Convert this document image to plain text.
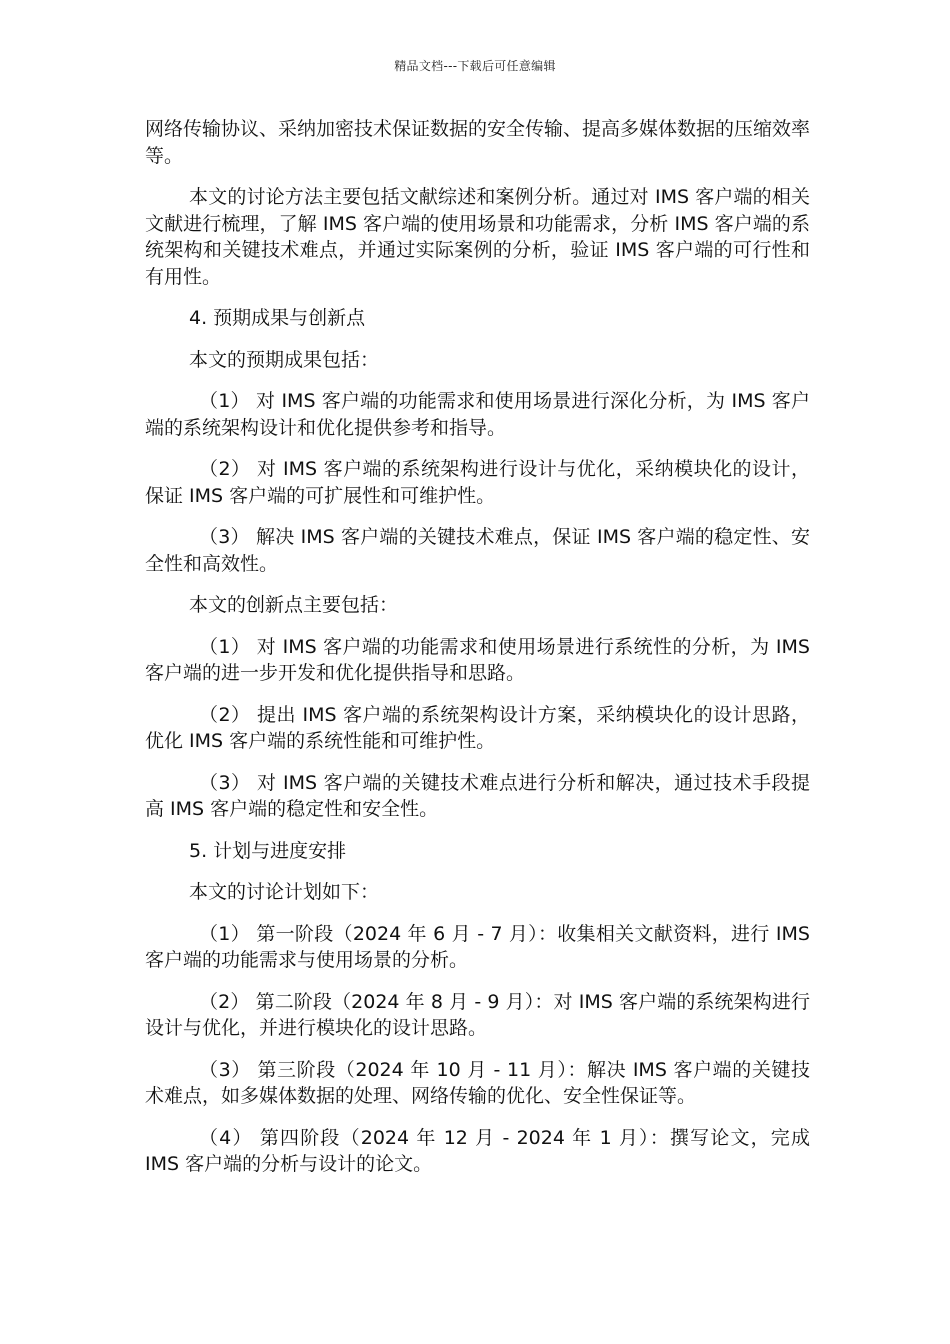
精品文档---下载后可任意编辑

网络传输协议、采纳加密技术保证数据的安全传输、提高多媒体数据的压缩效率等。

本文的讨论方法主要包括文献综述和案例分析。通过对 IMS 客户端的相关文献进行梳理，了解 IMS 客户端的使用场景和功能需求，分析 IMS 客户端的系统架构和关键技术难点，并通过实际案例的分析，验证 IMS 客户端的可行性和有用性。

4. 预期成果与创新点

本文的预期成果包括：

（1） 对 IMS 客户端的功能需求和使用场景进行深化分析，为 IMS 客户端的系统架构设计和优化提供参考和指导。

（2） 对 IMS 客户端的系统架构进行设计与优化，采纳模块化的设计，保证 IMS 客户端的可扩展性和可维护性。

（3） 解决 IMS 客户端的关键技术难点，保证 IMS 客户端的稳定性、安全性和高效性。

本文的创新点主要包括：

（1） 对 IMS 客户端的功能需求和使用场景进行系统性的分析，为 IMS 客户端的进一步开发和优化提供指导和思路。

（2） 提出 IMS 客户端的系统架构设计方案，采纳模块化的设计思路，优化 IMS 客户端的系统性能和可维护性。

（3） 对 IMS 客户端的关键技术难点进行分析和解决，通过技术手段提高 IMS 客户端的稳定性和安全性。

5. 计划与进度安排

本文的讨论计划如下：

（1） 第一阶段（2024 年 6 月 - 7 月）：收集相关文献资料，进行 IMS 客户端的功能需求与使用场景的分析。

（2） 第二阶段（2024 年 8 月 - 9 月）：对 IMS 客户端的系统架构进行设计与优化，并进行模块化的设计思路。

（3） 第三阶段（2024 年 10 月 - 11 月）：解决 IMS 客户端的关键技术难点，如多媒体数据的处理、网络传输的优化、安全性保证等。

（4） 第四阶段（2024 年 12 月 - 2024 年 1 月）：撰写论文，完成 IMS 客户端的分析与设计的论文。
